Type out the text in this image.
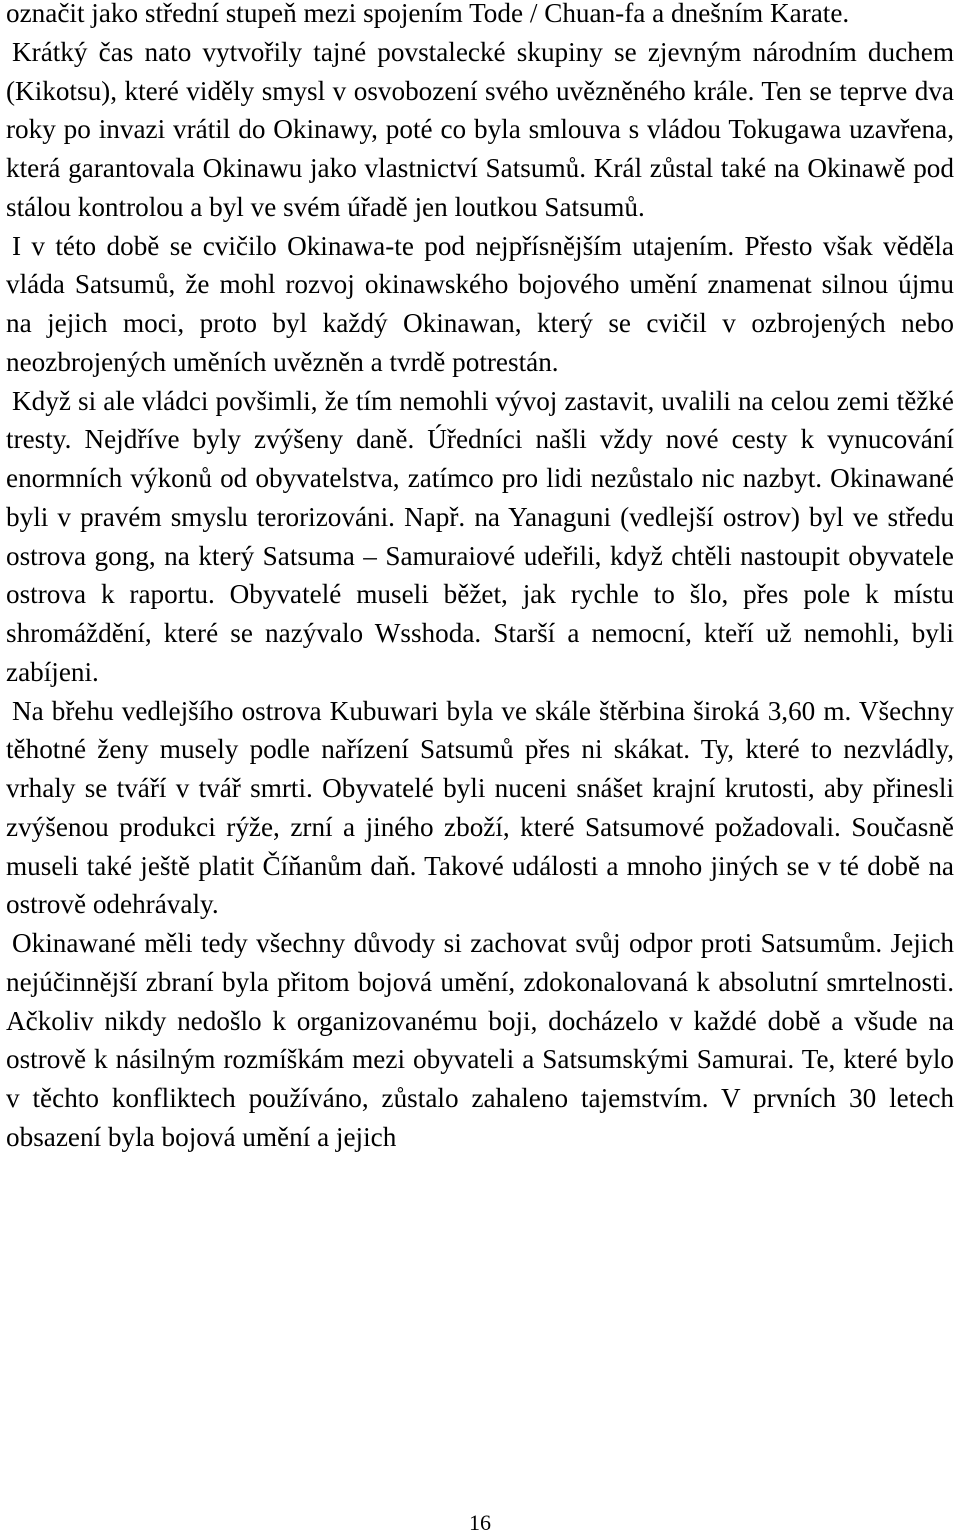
označit jako střední stupeň mezi spojením Tode / Chuan-fa a dnešním Karate.

Krátký čas nato vytvořily tajné povstalecké skupiny se zjevným národním duchem (Kikotsu), které viděly smysl v osvobození svého uvězněného krále. Ten se teprve dva roky po invazi vrátil do Okinawy, poté co byla smlouva s vládou Tokugawa uzavřena, která garantovala Okinawu jako vlastnictví Satsumů. Král zůstal také na Okinawě pod stálou kontrolou a byl ve svém úřadě jen loutkou Satsumů.

I v této době se cvičilo Okinawa-te pod nejpřísnějším utajením. Přesto však věděla vláda Satsumů, že mohl rozvoj okinawského bojového umění znamenat silnou újmu na jejich moci, proto byl každý Okinawan, který se cvičil v ozbrojených nebo neozbrojených uměních uvězněn a tvrdě potrestán.

Když si ale vládci povšimli, že tím nemohli vývoj zastavit, uvalili na celou zemi těžké tresty. Nejdříve byly zvýšeny daně. Úředníci našli vždy nové cesty k vynucování enormních výkonů od obyvatelstva, zatímco pro lidi nezůstalo nic nazbyt. Okinawané byli v pravém smyslu terorizováni. Např. na Yanaguni (vedlejší ostrov) byl ve středu ostrova gong, na který Satsuma – Samuraiové udeřili, když chtěli nastoupit obyvatele ostrova k raportu. Obyvatelé museli běžet, jak rychle to šlo, přes pole k místu shromáždění, které se nazývalo Wsshoda. Starší a nemocní, kteří už nemohli, byli zabíjeni.

Na břehu vedlejšího ostrova Kubuwari byla ve skále štěrbina široká 3,60 m. Všechny těhotné ženy musely podle nařízení Satsumů přes ni skákat. Ty, které to nezvládly, vrhaly se tváří v tvář smrti. Obyvatelé byli nuceni snášet krajní krutosti, aby přinesli zvýšenou produkci rýže, zrní a jiného zboží, které Satsumové požadovali. Současně museli také ještě platit Číňanům daň. Takové události a mnoho jiných se v té době na ostrově odehrávaly.

Okinawané měli tedy všechny důvody si zachovat svůj odpor proti Satsumům. Jejich nejúčinnější zbraní byla přitom bojová umění, zdokonalovaná k absolutní smrtelnosti. Ačkoliv nikdy nedošlo k organizovanému boji, docházelo v každé době a všude na ostrově k násilným rozmíškám mezi obyvateli a Satsumskými Samurai. Te, které bylo v těchto konfliktech používáno, zůstalo zahaleno tajemstvím. V prvních 30 letech obsazení byla bojová umění a jejich

16
